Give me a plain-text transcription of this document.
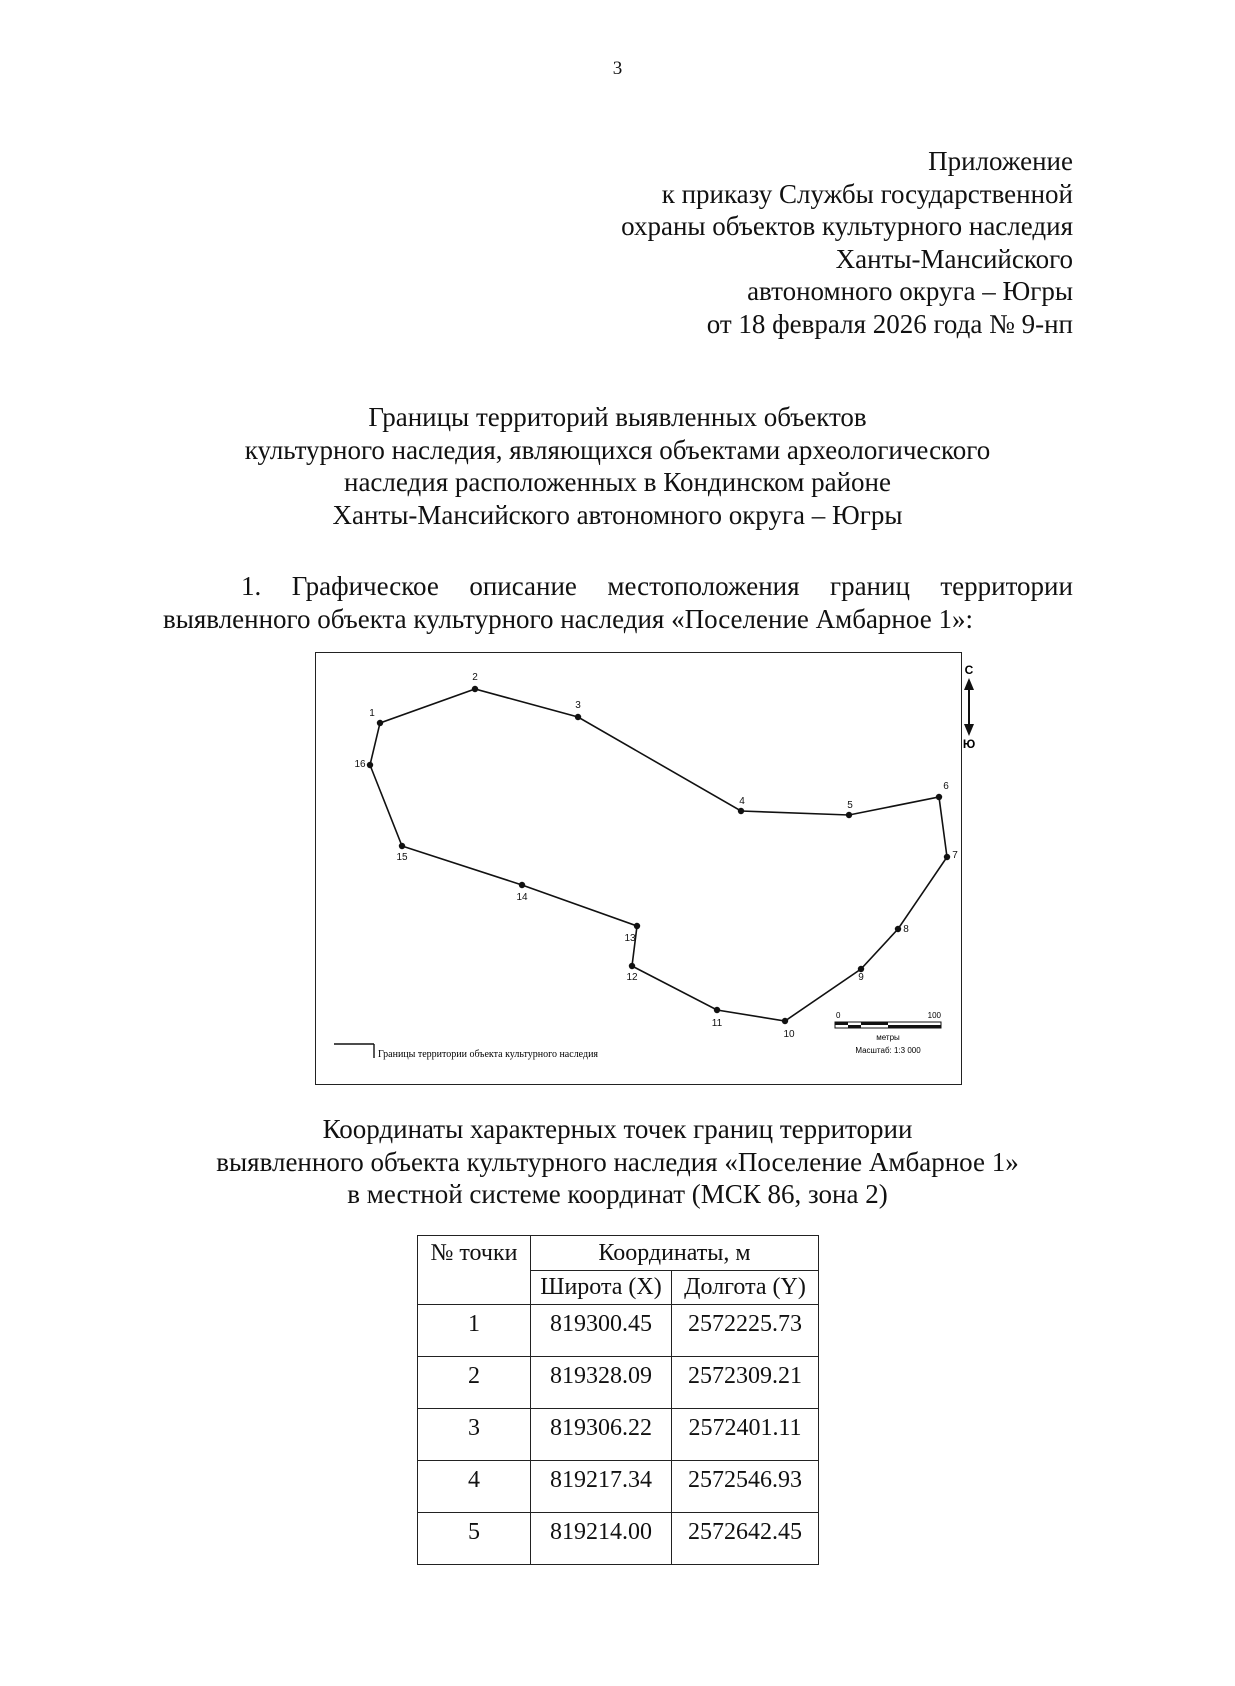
3
Приложение
к приказу Службы государственной
охраны объектов культурного наследия
Ханты-Мансийского
автономного округа – Югры
от 18 февраля 2026 года № 9-нп
Границы территорий выявленных объектов
культурного наследия, являющихся объектами археологического
наследия расположенных в Кондинском районе
Ханты-Мансийского автономного округа – Югры
1. Графическое описание местоположения границ территории
выявленного объекта культурного наследия «Поселение Амбарное 1»:
1
2
3
4	5
6
7
8
9
10
11
12
13
14
15
16
С
Ю
Границы территории объекта культурного наследия
0	100
метры
Масштаб: 1:3 000
Координаты характерных точек границ территории
выявленного объекта культурного наследия «Поселение Амбарное 1»
в местной системе координат (МСК 86, зона 2)
№ точки	Координаты, м	
	Широта (X)	Долгота (Y)
1	819300.45	2572225.73
2	819328.09	2572309.21
3	819306.22	2572401.11
4	819217.34	2572546.93
5	819214.00	2572642.45
